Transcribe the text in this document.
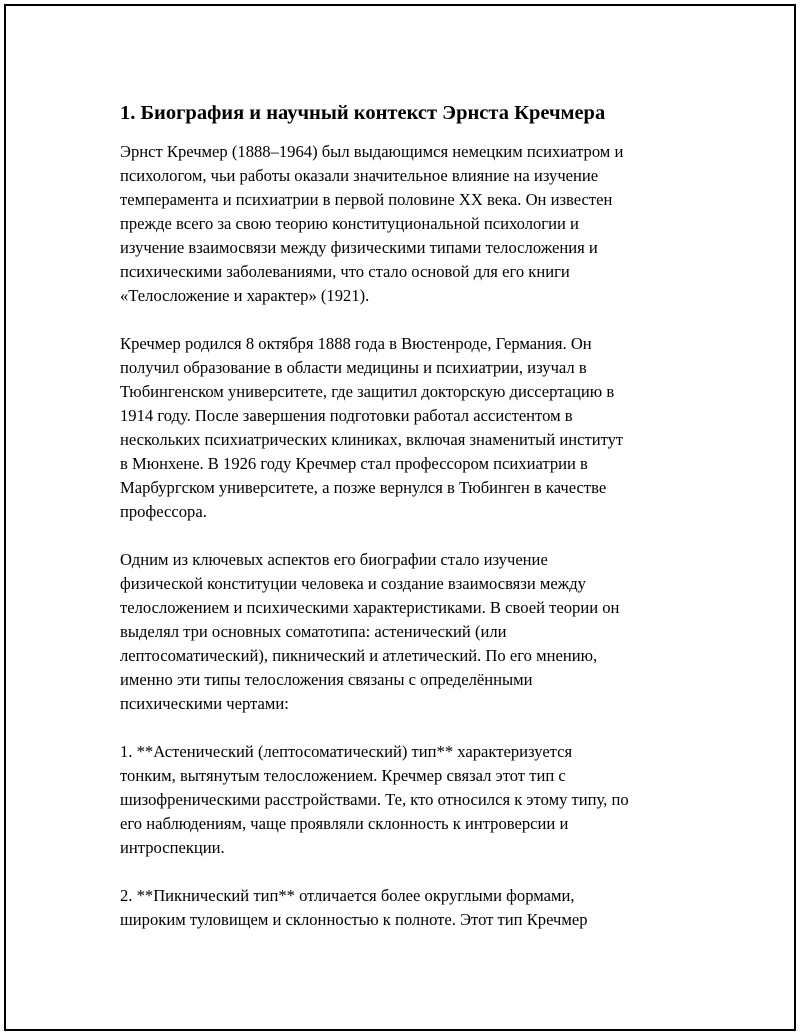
1. Биография и научный контекст Эрнста Кречмера

Эрнст Кречмер (1888–1964) был выдающимся немецким психиатром и
психологом, чьи работы оказали значительное влияние на изучение
темперамента и психиатрии в первой половине XX века. Он известен
прежде всего за свою теорию конституциональной психологии и
изучение взаимосвязи между физическими типами телосложения и
психическими заболеваниями, что стало основой для его книги
«Телосложение и характер» (1921).

Кречмер родился 8 октября 1888 года в Вюстенроде, Германия. Он
получил образование в области медицины и психиатрии, изучал в
Тюбингенском университете, где защитил докторскую диссертацию в
1914 году. После завершения подготовки работал ассистентом в
нескольких психиатрических клиниках, включая знаменитый институт
в Мюнхене. В 1926 году Кречмер стал профессором психиатрии в
Марбургском университете, а позже вернулся в Тюбинген в качестве
профессора.

Одним из ключевых аспектов его биографии стало изучение
физической конституции человека и создание взаимосвязи между
телосложением и психическими характеристиками. В своей теории он
выделял три основных соматотипа: астенический (или
лептосоматический), пикнический и атлетический. По его мнению,
именно эти типы телосложения связаны с определёнными
психическими чертами:

1. **Астенический (лептосоматический) тип** характеризуется
тонким, вытянутым телосложением. Кречмер связал этот тип с
шизофреническими расстройствами. Те, кто относился к этому типу, по
его наблюдениям, чаще проявляли склонность к интроверсии и
интроспекции.

2. **Пикнический тип** отличается более округлыми формами,
широким туловищем и склонностью к полноте. Этот тип Кречмер
